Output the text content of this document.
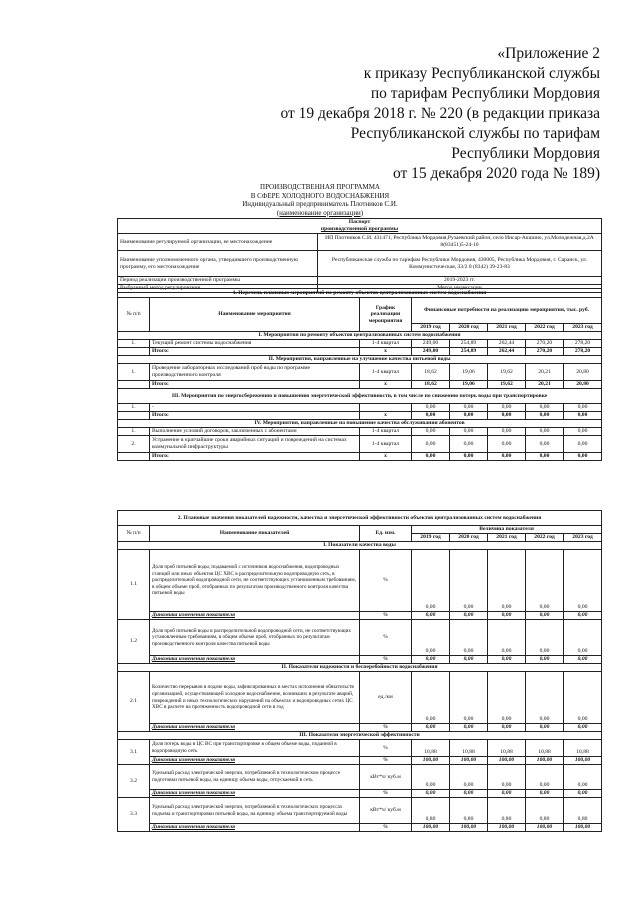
«Приложение 2
к приказу Республиканской службы
по тарифам Республики Мордовия
от 19 декабря 2018 г. № 220 (в редакции приказа
Республиканской службы по тарифам
Республики Мордовия
от 15 декабря 2020 года № 189)
ПРОИЗВОДСТВЕННАЯ ПРОГРАММА
В СФЕРЕ ХОЛОДНОГО ВОДОСНАБЖЕНИЯ
Индивидуальный предприниматель Плотников С.И.
(наименование организации)
Паспорт
производственной программы	

Наименование регулируемой организации, ее местонахождение	ИП Плотников С.И. 431471, Республика Мордовия,Рузаевский район, село Инсар-Акшино, ул.Молодежная,д.2А 8(83451)5-24-10
Наименование уполномоченного органа, утвердившего производственную программу, его местонахождение	Республиканская служба по тарифам Республики Мордовия, 430005, Республика Мордовия, г. Саранск, ул. Коммунистическая, 33/2 8 (8342) 39-23-83
Период реализации производственной программы	2019-2023 гг.
Выбранный метод регулирования	Метод индексации
1. Перечень плановых мероприятий по ремонту объектов централизованных систем водоснабжения							
№ п/п	Наименование мероприятия	График реализации мероприятия	Финансовые потребности на реализацию мероприятия, тыс. руб.				
			2019 год	2020 год	2021 год	2022 год	2023 год
I. Мероприятия по ремонту объектов централизованных систем водоснабжения							
1.	Текущий ремонт системы водоснабжения	1-4 квартал	249,00	254,89	262,44	270,20	278,20
	Итого:	x	249,00	254,89	262,44	270,20	278,20
II. Мероприятия, направленные на улучшение качества питьевой воды							
1.	Проведение лабораторных исследований проб воды по программе производственного контроля	1-4 квартал	18,62	19,06	19,62	20,21	20,80
	Итого:	x	18,62	19,06	19,62	20,21	20,80
III. Мероприятия по энергосбережению и повышению энергетической эффективности, в том числе по снижению потерь воды при транспортировке							
1.	-		0,00	0,00	0,00	0,00	0,00
	Итого:	x	0,00	0,00	0,00	0,00	0,00
IV. Мероприятия, направленные на повышение качества обслуживания абонентов							
1.	Выполнение условий договоров, заключенных с абонентами	1-4 квартал	0,00	0,00	0,00	0,00	0,00
2.	Устранение в кратчайшие сроки аварийных ситуаций и повреждений на системах коммунальной инфраструктуры	1-4 квартал	0,00	0,00	0,00	0,00	0,00
	Итого:	x	0,00	0,00	0,00	0,00	0,00
2. Плановые значения показателей надежности, качества и энергетической эффективности объектов централизованных систем водоснабжения							
№ п/п	Наименование показателей	Ед. изм.	Величина показателя				
			2019 год	2020 год	2021 год	2022 год	2023 год
I. Показатели качества воды							
1.1	Доля проб питьевой воды, подаваемой с источников водоснабжения, водопроводных станций или иных объектов ЦС ХВС в распределительную водопроводную сеть, в распределительной водопроводной сети, не соответствующих установленным требованиям, в общем объеме проб, отобранных по результатам производственного контроля качества питьевой воды	%	0,00	0,00	0,00	0,00	0,00
	Динамика изменения показателя	%	0,00	0,00	0,00	0,00	0,00
1.2	Доля проб питьевой воды в распределительной водопроводной сети, не соответствующих установленным требованиям, в общем объеме проб, отобранных по результатам производственного контроля качества питьевой воды	%	0,00	0,00	0,00	0,00	0,00
	Динамика изменения показателя	%	0,00	0,00	0,00	0,00	0,00
II. Показатели надежности и бесперебойности водоснабжения							
2.1	Количество перерывов в подаче воды, зафиксированных в местах исполнения обязательств организацией, осуществляющей холодное водоснабжение, возникших в результате аварий, повреждений и иных технологических нарушений на объектах и водопроводных сетях ЦС ХВС в расчете на протяженность водопроводной сети в год	ед./км	0,00	0,00	0,00	0,00	0,00
	Динамика изменения показателя	%	0,00	0,00	0,00	0,00	0,00
III. Показатели энергетической эффективности							
3.1	Доля потерь воды в ЦС ВС при транспортировке в общем объеме воды, поданной в водопроводную сеть	%	10,88	10,88	10,88	10,88	10,88
	Динамика изменения показателя	%	100,00	100,00	100,00	100,00	100,00
3.2	Удельный расход электрической энергии, потребляемой в технологическом процессе подготовки питьевой воды, на единицу объема воды, отпускаемой в сеть	кВт*ч/ куб.м	0,00	0,00	0,00	0,00	0,00
	Динамика изменения показателя	%	0,00	0,00	0,00	0,00	0,00
3.3	Удельный расход электрической энергии, потребляемой в технологических процессах подъема и транспортировки питьевой воды, на единицу объема транспортируемой воды	кВт*ч/ куб.м	0,80	0,80	0,80	0,80	0,80
	Динамика изменения показателя	%	100,00	100,00	100,00	100,00	100,00
